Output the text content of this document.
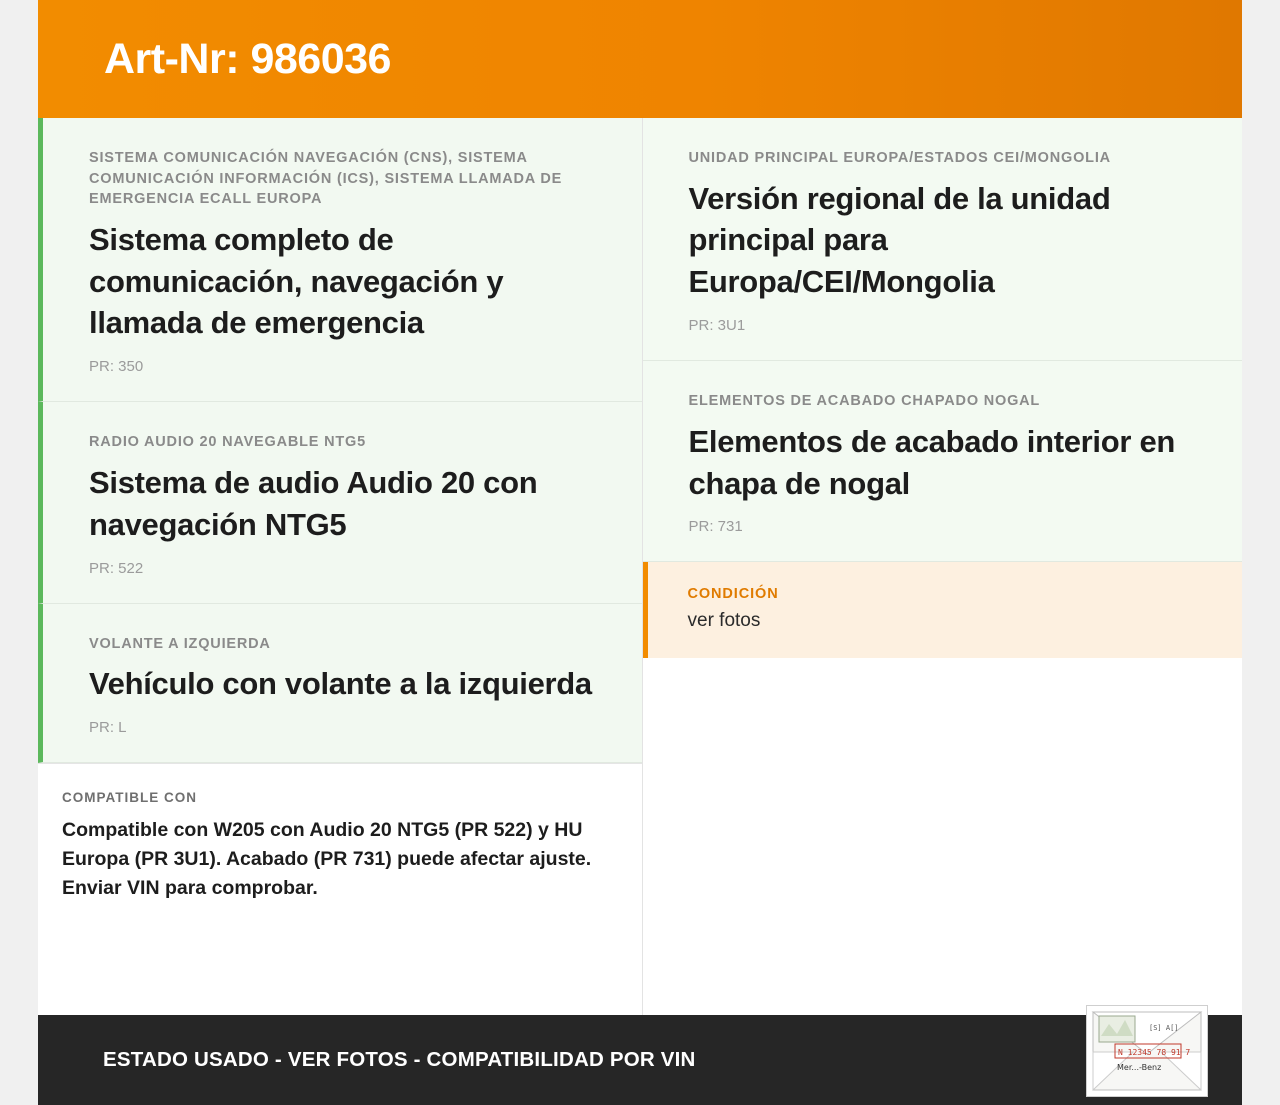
Art-Nr: 986036
SISTEMA COMUNICACIÓN NAVEGACIÓN (CNS), SISTEMA COMUNICACIÓN INFORMACIÓN (ICS), SISTEMA LLAMADA DE EMERGENCIA ECALL EUROPA
Sistema completo de comunicación, navegación y llamada de emergencia
PR: 350
RADIO AUDIO 20 NAVEGABLE NTG5
Sistema de audio Audio 20 con navegación NTG5
PR: 522
VOLANTE A IZQUIERDA
Vehículo con volante a la izquierda
PR: L
COMPATIBLE CON
Compatible con W205 con Audio 20 NTG5 (PR 522) y HU Europa (PR 3U1). Acabado (PR 731) puede afectar ajuste. Enviar VIN para comprobar.
UNIDAD PRINCIPAL EUROPA/ESTADOS CEI/MONGOLIA
Versión regional de la unidad principal para Europa/CEI/Mongolia
PR: 3U1
ELEMENTOS DE ACABADO CHAPADO NOGAL
Elementos de acabado interior en chapa de nogal
PR: 731
CONDICIÓN
ver fotos
ESTADO USADO - VER FOTOS - COMPATIBILIDAD POR VIN
[S] A[]
N 12345 78 91 7
Mer...-Benz
